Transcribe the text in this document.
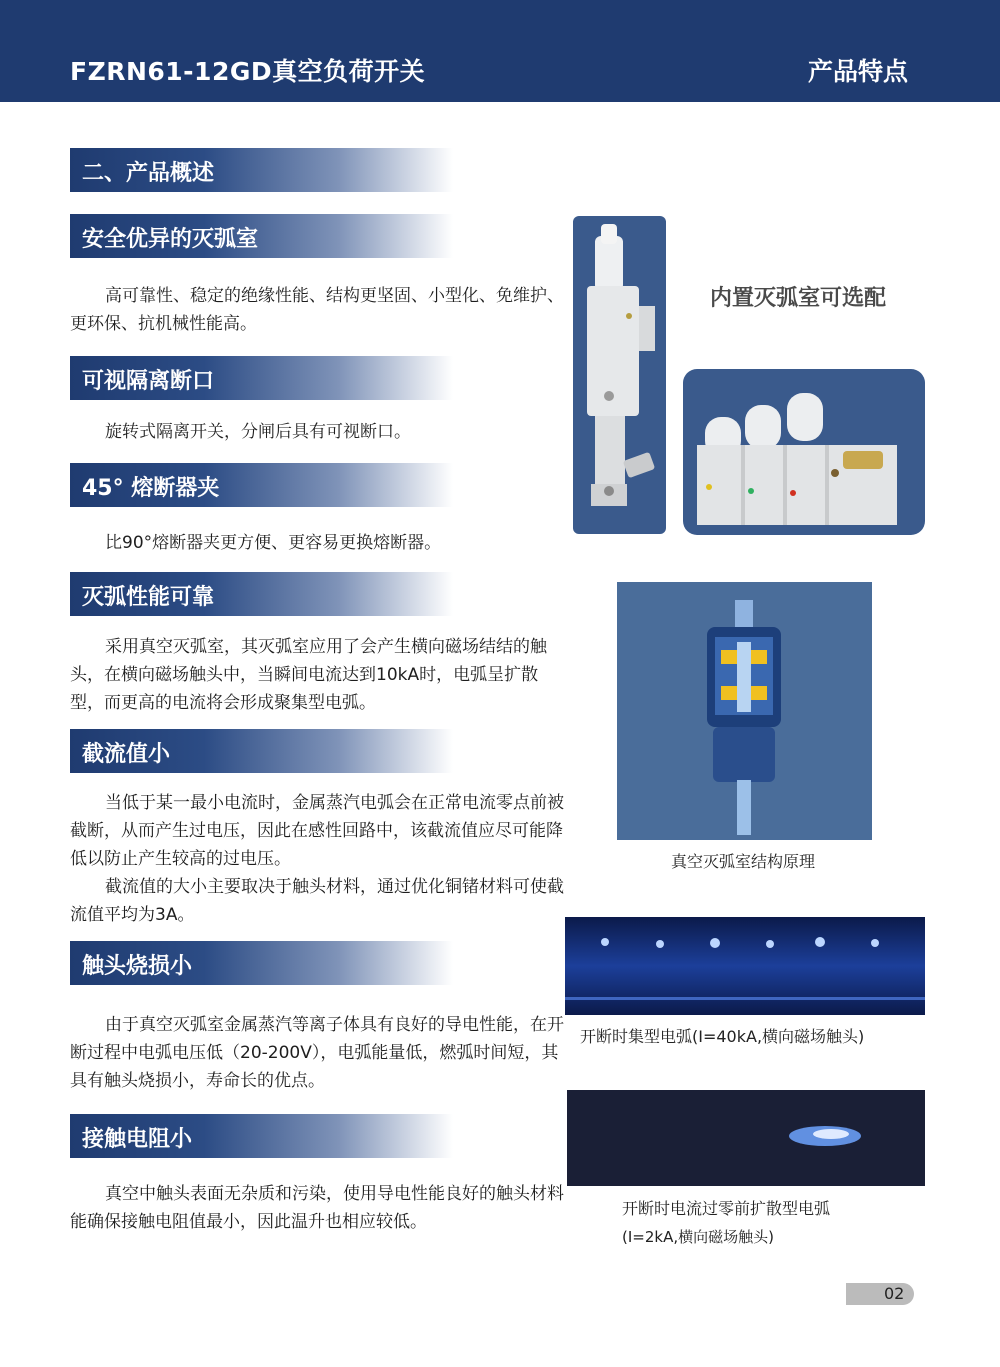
FZRN61-12GD真空负荷开关	产品特点
二、产品概述
安全优异的灭弧室

高可靠性、稳定的绝缘性能、结构更坚固、小型化、免维护、更环保、抗机械性能高。

可视隔离断口

旋转式隔离开关，分闸后具有可视断口。

45° 熔断器夹

比90°熔断器夹更方便、更容易更换熔断器。

灭弧性能可靠

采用真空灭弧室，其灭弧室应用了会产生横向磁场结结的触头，在横向磁场触头中，当瞬间电流达到10kA时，电弧呈扩散型，而更高的电流将会形成聚集型电弧。

截流值小

当低于某一最小电流时，金属蒸汽电弧会在正常电流零点前被截断，从而产生过电压，因此在感性回路中，该截流值应尽可能降低以防止产生较高的过电压。

截流值的大小主要取决于触头材料，通过优化铜锗材料可使截流值平均为3A。

触头烧损小

由于真空灭弧室金属蒸汽等离子体具有良好的导电性能，在开断过程中电弧电压低（20-200V），电弧能量低，燃弧时间短，其具有触头烧损小，寿命长的优点。

接触电阻小

真空中触头表面无杂质和污染，使用导电性能良好的触头材料能确保接触电阻值最小，因此温升也相应较低。

内置灭弧室可选配
真空灭弧室结构原理
开断时集型电弧(I=40kA,横向磁场触头)
开断时电流过零前扩散型电弧
(I=2kA,横向磁场触头)
02
